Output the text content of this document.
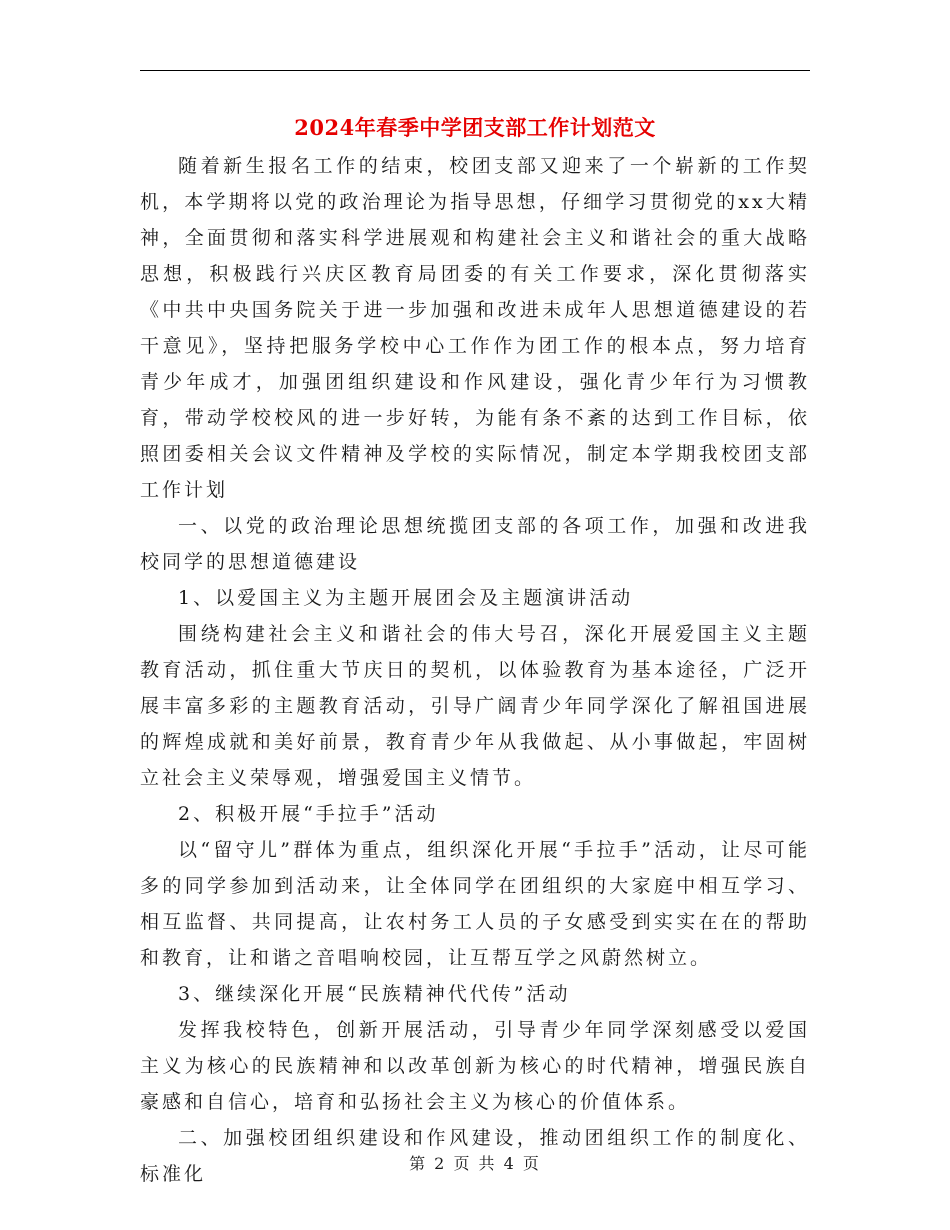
2024年春季中学团支部工作计划范文

随着新生报名工作的结束，校团支部又迎来了一个崭新的工作契机，本学期将以党的政治理论为指导思想，仔细学习贯彻党的xx大精神，全面贯彻和落实科学进展观和构建社会主义和谐社会的重大战略思想，积极践行兴庆区教育局团委的有关工作要求，深化贯彻落实《中共中央国务院关于进一步加强和改进未成年人思想道德建设的若干意见》，坚持把服务学校中心工作作为团工作的根本点，努力培育青少年成才，加强团组织建设和作风建设，强化青少年行为习惯教育，带动学校校风的进一步好转，为能有条不紊的达到工作目标，依照团委相关会议文件精神及学校的实际情况，制定本学期我校团支部工作计划

一、以党的政治理论思想统揽团支部的各项工作，加强和改进我校同学的思想道德建设

1、以爱国主义为主题开展团会及主题演讲活动

围绕构建社会主义和谐社会的伟大号召，深化开展爱国主义主题教育活动，抓住重大节庆日的契机，以体验教育为基本途径，广泛开展丰富多彩的主题教育活动，引导广阔青少年同学深化了解祖国进展的辉煌成就和美好前景，教育青少年从我做起、从小事做起，牢固树立社会主义荣辱观，增强爱国主义情节。

2、积极开展“手拉手”活动

以“留守儿”群体为重点，组织深化开展“手拉手”活动，让尽可能多的同学参加到活动来，让全体同学在团组织的大家庭中相互学习、相互监督、共同提高，让农村务工人员的子女感受到实实在在的帮助和教育，让和谐之音唱响校园，让互帮互学之风蔚然树立。

3、继续深化开展“民族精神代代传”活动

发挥我校特色，创新开展活动，引导青少年同学深刻感受以爱国主义为核心的民族精神和以改革创新为核心的时代精神，增强民族自豪感和自信心，培育和弘扬社会主义为核心的价值体系。

二、加强校团组织建设和作风建设，推动团组织工作的制度化、标准化	第 2 页 共 4 页
